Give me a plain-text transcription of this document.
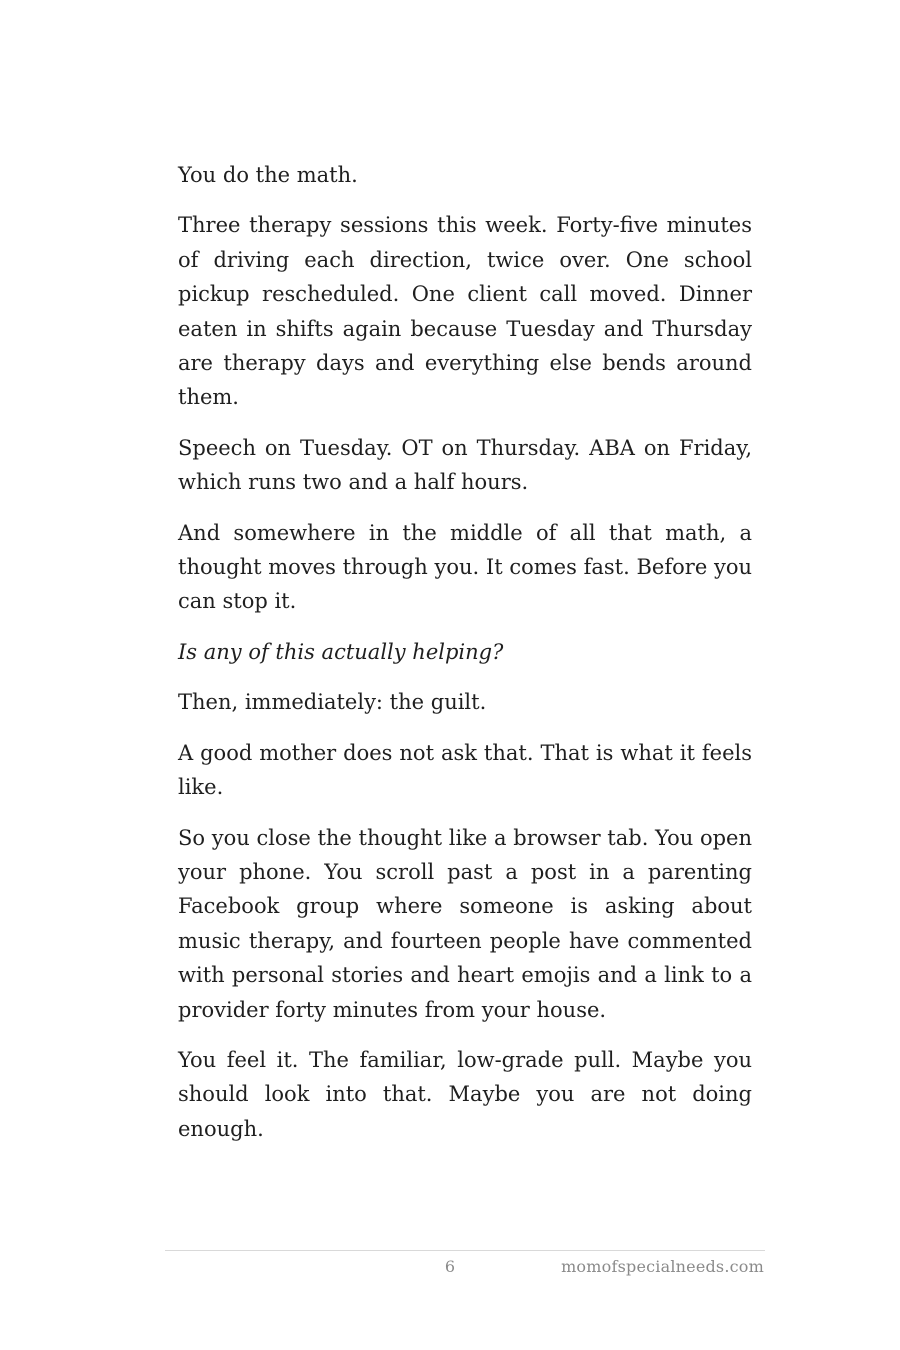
You do the math.

Three therapy sessions this week. Forty-five minutes of driving each direction, twice over. One school pickup rescheduled. One client call moved. Dinner eaten in shifts again because Tuesday and Thursday are therapy days and everything else bends around them.

Speech on Tuesday. OT on Thursday. ABA on Friday, which runs two and a half hours.

And somewhere in the middle of all that math, a thought moves through you. It comes fast. Before you can stop it.

Is any of this actually helping?

Then, immediately: the guilt.

A good mother does not ask that. That is what it feels like.

So you close the thought like a browser tab. You open your phone. You scroll past a post in a parenting Facebook group where someone is asking about music therapy, and fourteen people have commented with personal stories and heart emojis and a link to a provider forty minutes from your house.

You feel it. The familiar, low-grade pull. Maybe you should look into that. Maybe you are not doing enough.

6	momofspecialneeds.com
